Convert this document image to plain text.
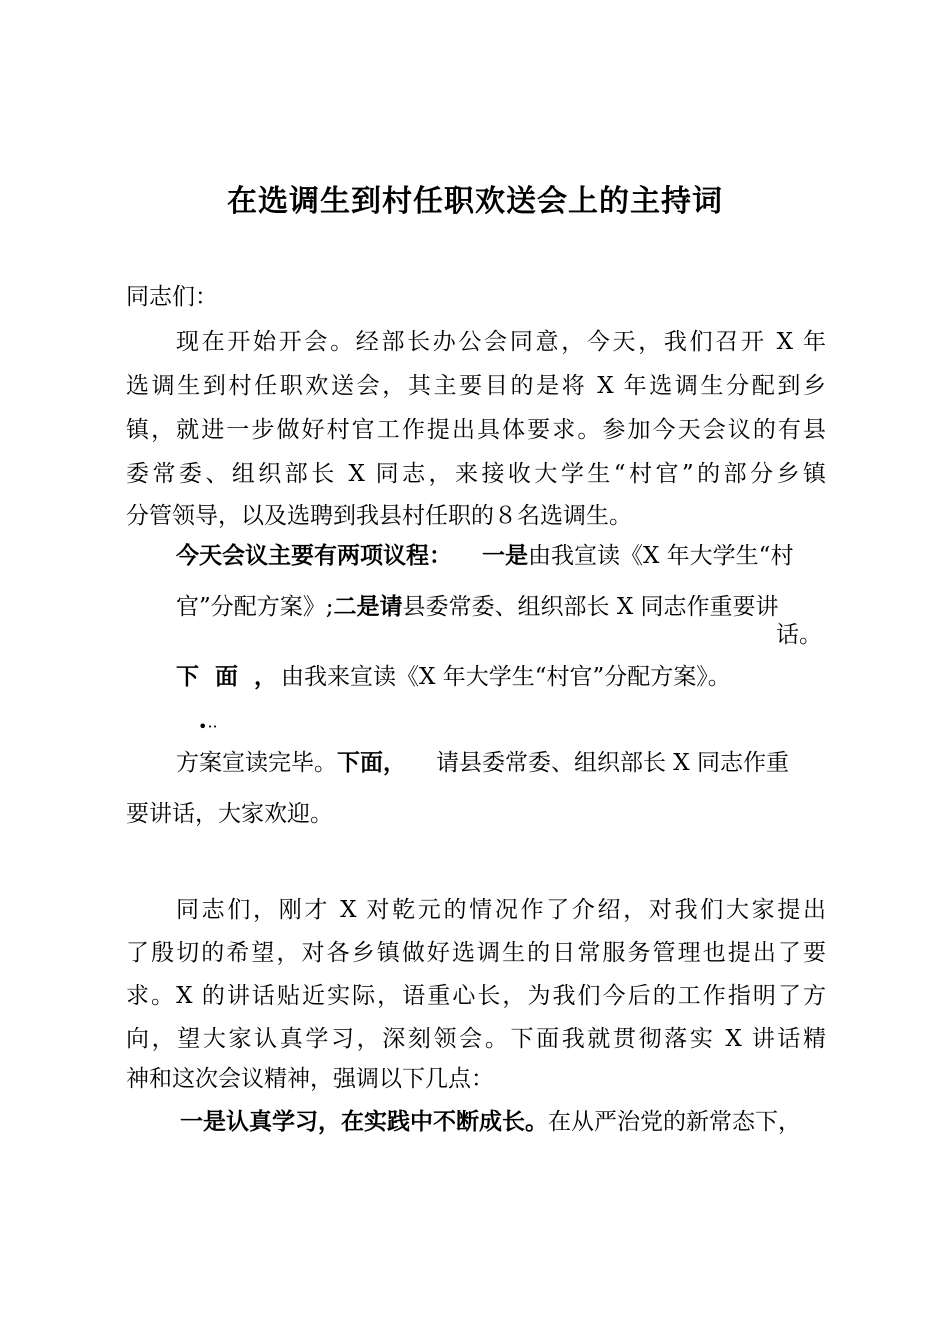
在选调生到村任职欢送会上的主持词

同志们：

现在开始开会。经部长办公会同意，今天，我们召开 X 年

选调生到村任职欢送会，其主要目的是将 X 年选调生分配到乡

镇，就进一步做好村官工作提出具体要求。参加今天会议的有县

委常委、组织部长 X 同志，来接收大学生“村官”的部分乡镇

分管领导，以及选聘到我县村任职的８名选调生。

今天会议主要有两项议程： 一是由我宣读《X 年大学生“村

官”分配方案》;二是请县委常委、组织部长 X 同志作重要讲

话。

下 面 ，由我来宣读《X 年大学生“村官”分配方案》。

•··

方案宣读完毕。下面， 请县委常委、组织部长 X 同志作重

要讲话，大家欢迎。

同志们，刚才 X 对乾元的情况作了介绍，对我们大家提出

了殷切的希望，对各乡镇做好选调生的日常服务管理也提出了要

求。X 的讲话贴近实际，语重心长，为我们今后的工作指明了方

向，望大家认真学习，深刻领会。下面我就贯彻落实 X 讲话精

神和这次会议精神，强调以下几点：

一是认真学习，在实践中不断成长。在从严治党的新常态下，
